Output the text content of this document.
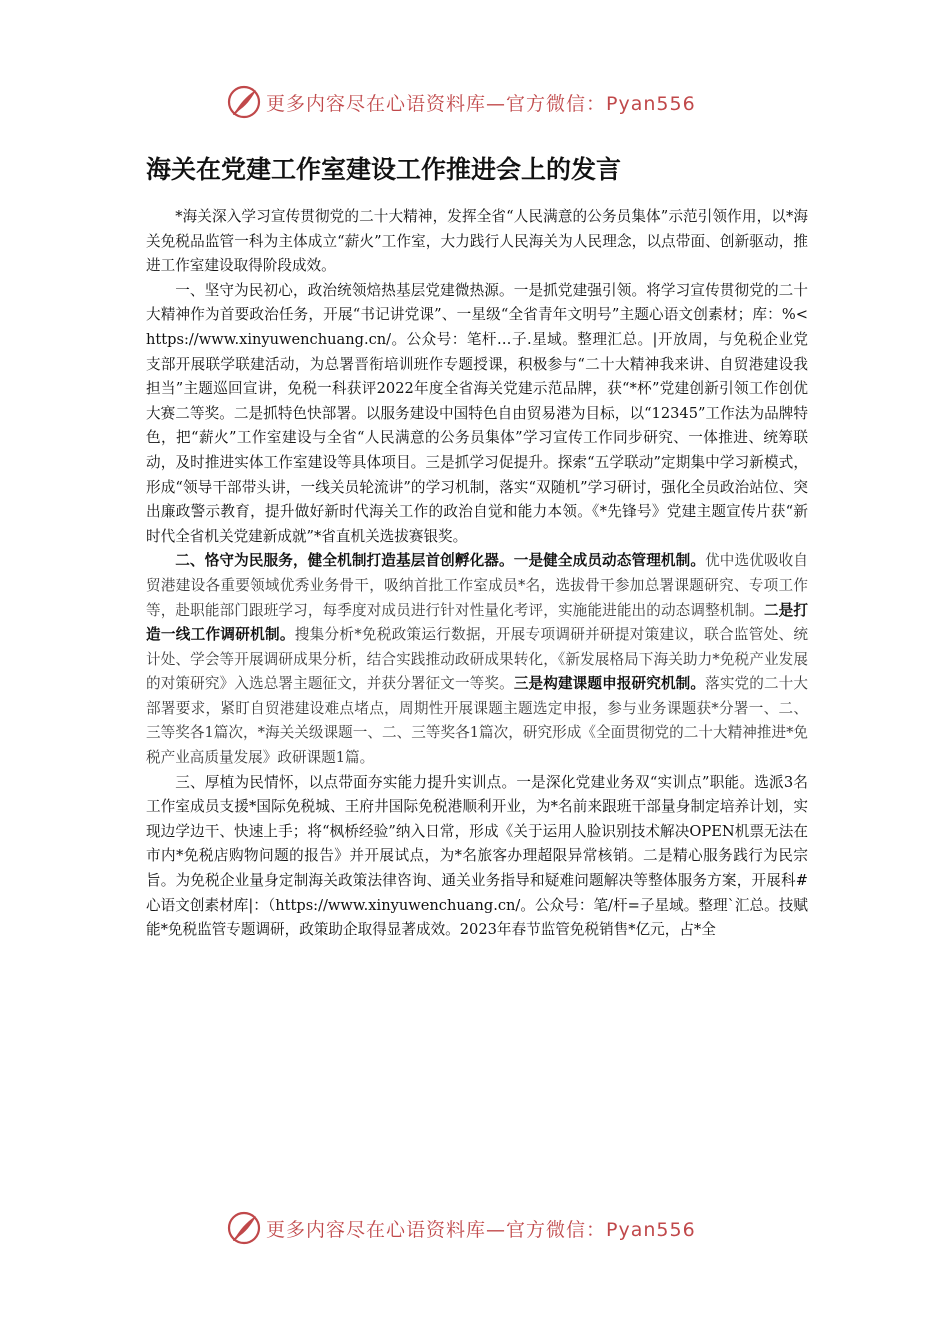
更多内容尽在心语资料库—官方微信：Pyan556
海关在党建工作室建设工作推进会上的发言

*海关深入学习宣传贯彻党的二十大精神，发挥全省“人民满意的公务员集体”示范引领作用，以*海关免税品监管一科为主体成立“薪火”工作室，大力践行人民海关为人民理念，以点带面、创新驱动，推进工作室建设取得阶段成效。

一、坚守为民初心，政治统领焙热基层党建微热源。一是抓党建强引领。将学习宣传贯彻党的二十大精神作为首要政治任务，开展“书记讲党课”、一星级“全省青年文明号”主题心语文创素材；库：%<https://www.xinyuwenchuang.cn/。公众号：笔杆…子.星域。整理汇总。|开放周，与免税企业党支部开展联学联建活动，为总署晋衔培训班作专题授课，积极参与“二十大精神我来讲、自贸港建设我担当”主题巡回宣讲，免税一科获评2022年度全省海关党建示范品牌，获“*杯”党建创新引领工作创优大赛二等奖。二是抓特色快部署。以服务建设中国特色自由贸易港为目标，以“12345”工作法为品牌特色，把“薪火”工作室建设与全省“人民满意的公务员集体”学习宣传工作同步研究、一体推进、统筹联动，及时推进实体工作室建设等具体项目。三是抓学习促提升。探索“五学联动”定期集中学习新模式，形成“领导干部带头讲，一线关员轮流讲”的学习机制，落实“双随机”学习研讨，强化全员政治站位、突出廉政警示教育，提升做好新时代海关工作的政治自觉和能力本领。《*先锋号》党建主题宣传片获“新时代全省机关党建新成就”*省直机关选拔赛银奖。

二、恪守为民服务，健全机制打造基层首创孵化器。一是健全成员动态管理机制。优中选优吸收自贸港建设各重要领域优秀业务骨干，吸纳首批工作室成员*名，选拔骨干参加总署课题研究、专项工作等，赴职能部门跟班学习，每季度对成员进行针对性量化考评，实施能进能出的动态调整机制。二是打造一线工作调研机制。搜集分析*免税政策运行数据，开展专项调研并研提对策建议，联合监管处、统计处、学会等开展调研成果分析，结合实践推动政研成果转化，《新发展格局下海关助力*免税产业发展的对策研究》入选总署主题征文，并获分署征文一等奖。三是构建课题申报研究机制。落实党的二十大部署要求，紧盯自贸港建设难点堵点，周期性开展课题主题选定申报，参与业务课题获*分署一、二、三等奖各1篇次，*海关关级课题一、二、三等奖各1篇次，研究形成《全面贯彻党的二十大精神推进*免税产业高质量发展》政研课题1篇。

三、厚植为民情怀，以点带面夯实能力提升实训点。一是深化党建业务双“实训点”职能。选派3名工作室成员支援*国际免税城、王府井国际免税港顺利开业，为*名前来跟班干部量身制定培养计划，实现边学边干、快速上手；将“枫桥经验”纳入日常，形成《关于运用人脸识别技术解决OPEN机票无法在市内*免税店购物问题的报告》并开展试点，为*名旅客办理超限异常核销。二是精心服务践行为民宗旨。为免税企业量身定制海关政策法律咨询、通关业务指导和疑难问题解决等整体服务方案，开展科#心语文创素材库|：（https://www.xinyuwenchuang.cn/。公众号：笔/杆=子星域。整理`汇总。技赋能*免税监管专题调研，政策助企取得显著成效。2023年春节监管免税销售*亿元，占*全

更多内容尽在心语资料库—官方微信：Pyan556
